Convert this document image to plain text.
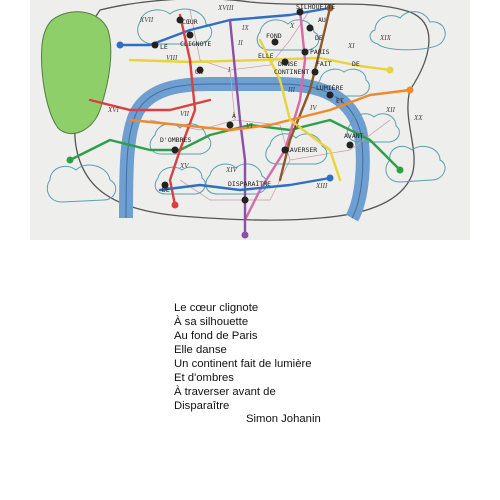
CŒUR
SILHOUETTE
AU
LE CLIGNOTE
FOND	DE
PARIS
ELLE
DANSE
CONTINENT
FAIT
UN
DE
LUMIÈRE
ET
D'OMBRES	AVANT
À
TRAVERSER
DE
DISPARAÎTRE
XVII
XVIII
XIX
VIII
II
III
IX	X
XI
I
IV	XII
VII
XV
VI	V
XIII
XVI
XIV
XX
Le cœur clignote
À sa silhouette
Au fond de Paris
Elle danse
Un continent fait de lumière
Et d'ombres
À traverser avant de
Disparaître
Simon Johanin
